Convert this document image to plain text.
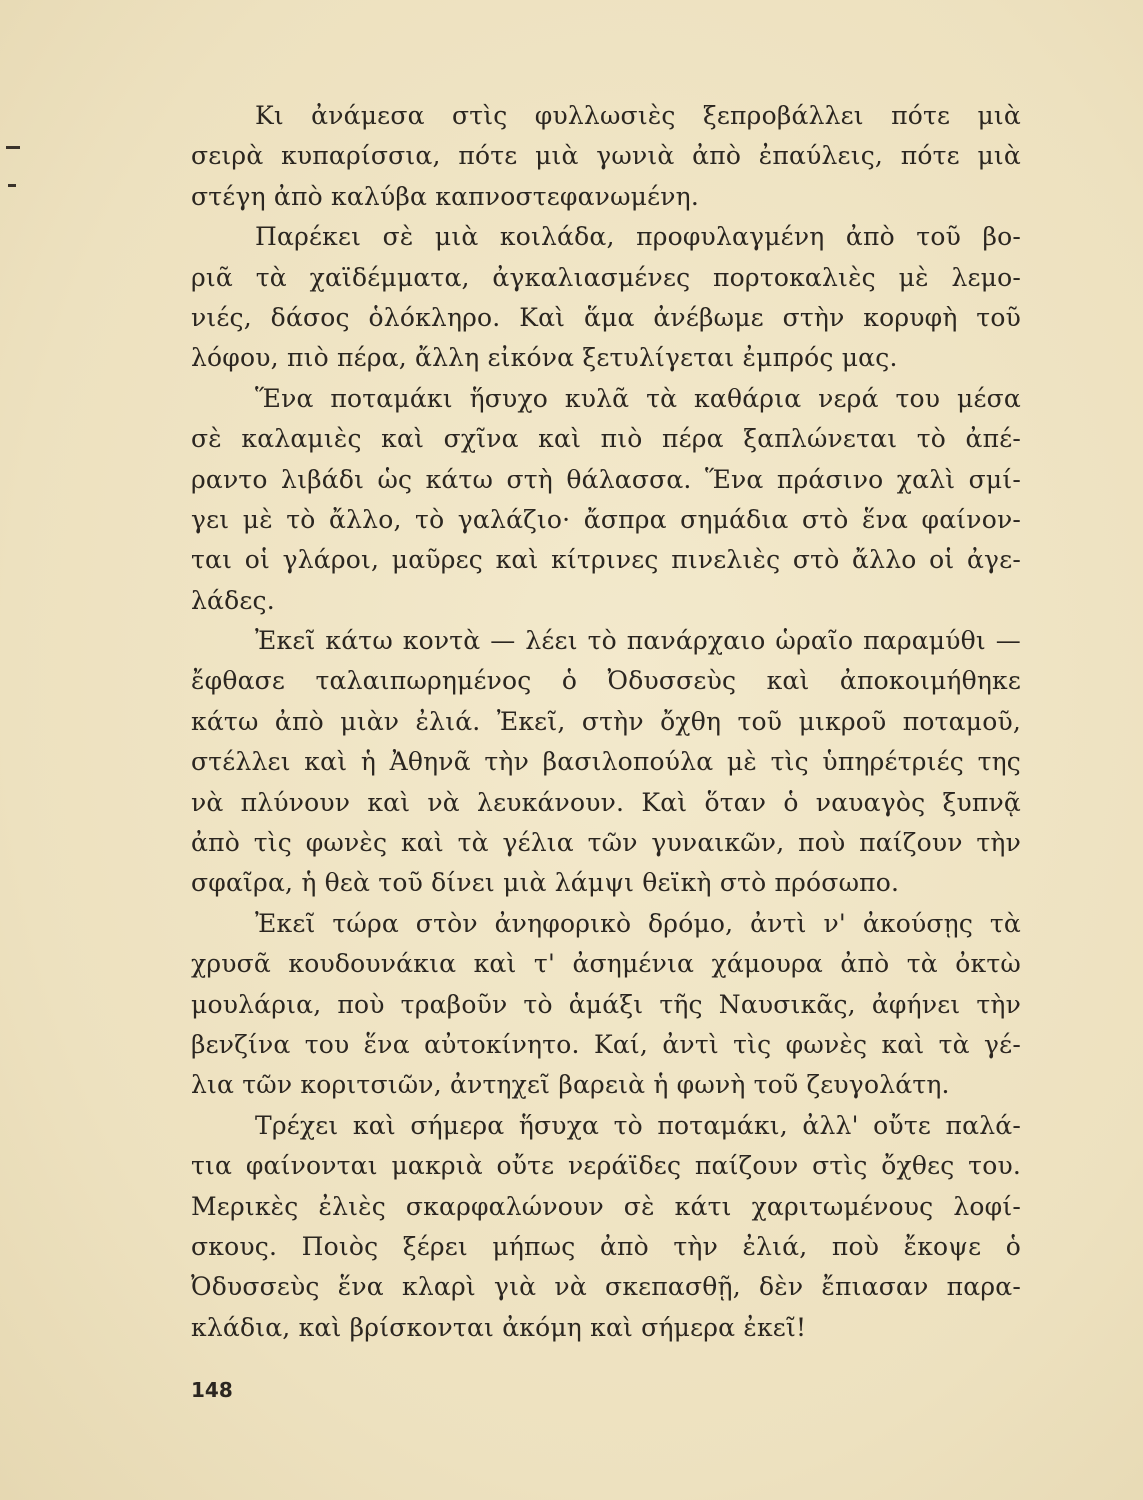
Κι ἀνάμεσα στὶς φυλλωσιὲς ξεπροβάλλει πότε μιὰ
σειρὰ κυπαρίσσια, πότε μιὰ γωνιὰ ἀπὸ ἐπαύλεις, πότε μιὰ
στέγη ἀπὸ καλύβα καπνοστεφανωμένη.
Παρέκει σὲ μιὰ κοιλάδα, προφυλαγμένη ἀπὸ τοῦ βο-
ριᾶ τὰ χαϊδέμματα, ἀγκαλιασμένες πορτοκαλιὲς μὲ λεμο-
νιές, δάσος ὁλόκληρο. Καὶ ἅμα ἀνέβωμε στὴν κορυφὴ τοῦ
λόφου, πιὸ πέρα, ἄλλη εἰκόνα ξετυλίγεται ἐμπρός μας.
Ἕνα ποταμάκι ἥσυχο κυλᾶ τὰ καθάρια νερά του μέσα
σὲ καλαμιὲς καὶ σχῖνα καὶ πιὸ πέρα ξαπλώνεται τὸ ἀπέ-
ραντο λιβάδι ὡς κάτω στὴ θάλασσα. Ἕνα πράσινο χαλὶ σμί-
γει μὲ τὸ ἄλλο, τὸ γαλάζιο· ἄσπρα σημάδια στὸ ἕνα φαίνον-
ται οἱ γλάροι, μαῦρες καὶ κίτρινες πινελιὲς στὸ ἄλλο οἱ ἀγε-
λάδες.
Ἐκεῖ κάτω κοντὰ — λέει τὸ πανάρχαιο ὡραῖο παραμύθι —
ἔφθασε ταλαιπωρημένος ὁ Ὀδυσσεὺς καὶ ἀποκοιμήθηκε
κάτω ἀπὸ μιὰν ἐλιά. Ἐκεῖ, στὴν ὄχθη τοῦ μικροῦ ποταμοῦ,
στέλλει καὶ ἡ Ἀθηνᾶ τὴν βασιλοπούλα μὲ τὶς ὑπηρέτριές της
νὰ πλύνουν καὶ νὰ λευκάνουν. Καὶ ὅταν ὁ ναυαγὸς ξυπνᾷ
ἀπὸ τὶς φωνὲς καὶ τὰ γέλια τῶν γυναικῶν, ποὺ παίζουν τὴν
σφαῖρα, ἡ θεὰ τοῦ δίνει μιὰ λάμψι θεϊκὴ στὸ πρόσωπο.
Ἐκεῖ τώρα στὸν ἀνηφορικὸ δρόμο, ἀντὶ ν' ἀκούσῃς τὰ
χρυσᾶ κουδουνάκια καὶ τ' ἀσημένια χάμουρα ἀπὸ τὰ ὀκτὼ
μουλάρια, ποὺ τραβοῦν τὸ ἁμάξι τῆς Ναυσικᾶς, ἀφήνει τὴν
βενζίνα του ἕνα αὐτοκίνητο. Καί, ἀντὶ τὶς φωνὲς καὶ τὰ γέ-
λια τῶν κοριτσιῶν, ἀντηχεῖ βαρειὰ ἡ φωνὴ τοῦ ζευγολάτη.
Τρέχει καὶ σήμερα ἥσυχα τὸ ποταμάκι, ἀλλ' οὔτε παλά-
τια φαίνονται μακριὰ οὔτε νεράϊδες παίζουν στὶς ὄχθες του.
Μερικὲς ἐλιὲς σκαρφαλώνουν σὲ κάτι χαριτωμένους λοφί-
σκους. Ποιὸς ξέρει μήπως ἀπὸ τὴν ἐλιά, ποὺ ἔκοψε ὁ
Ὀδυσσεὺς ἕνα κλαρὶ γιὰ νὰ σκεπασθῇ, δὲν ἔπιασαν παρα-
κλάδια, καὶ βρίσκονται ἀκόμη καὶ σήμερα ἐκεῖ!
148
